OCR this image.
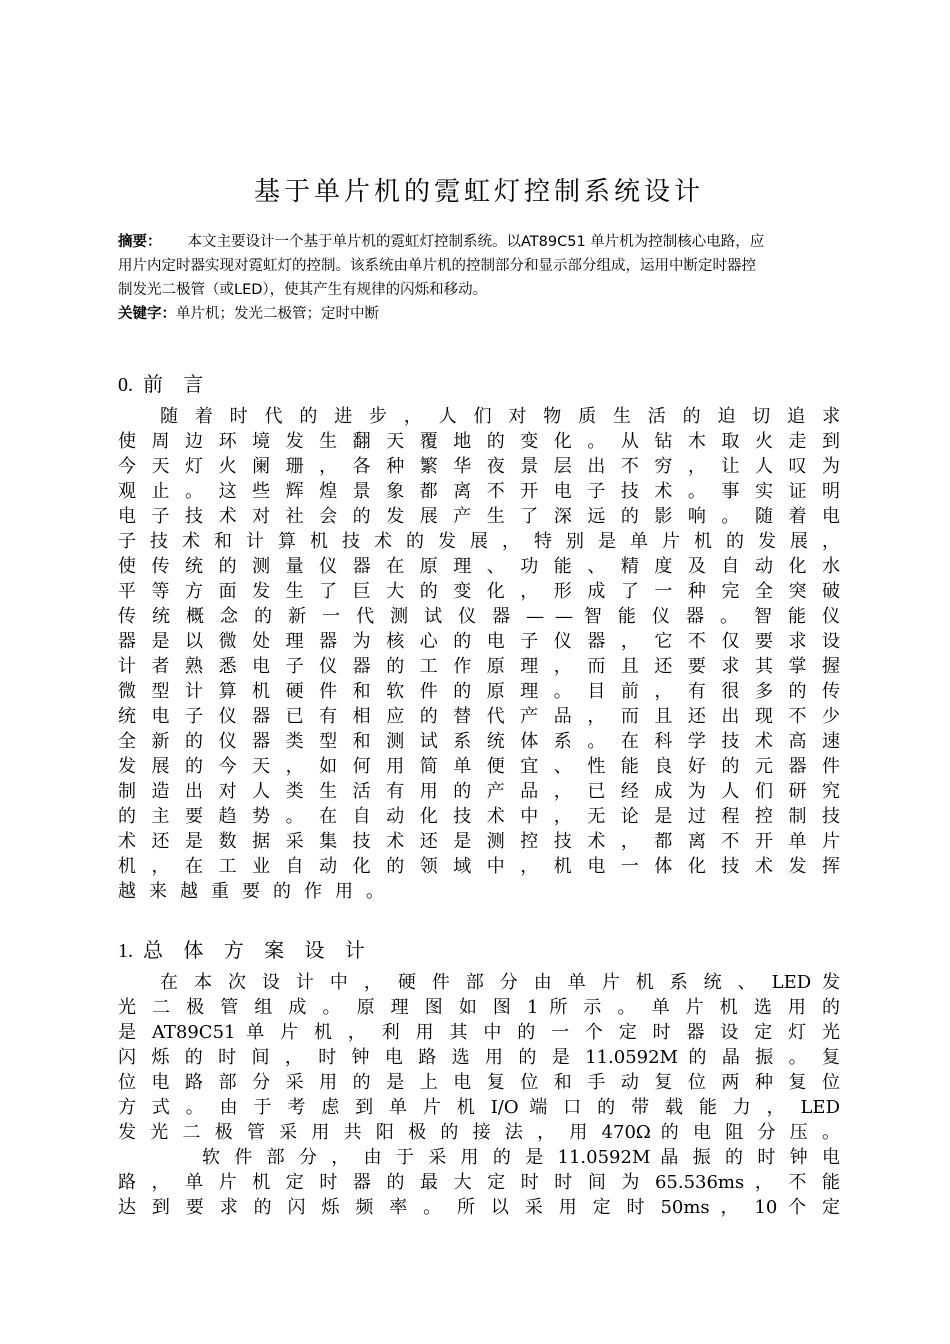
基于单片机的霓虹灯控制系统设计
摘要： 本文主要设计一个基于单片机的霓虹灯控制系统。以AT89C51 单片机为控制核心电路，应
用片内定时器实现对霓虹灯的控制。该系统由单片机的控制部分和显示部分组成，运用中断定时器控
制发光二极管（或LED），使其产生有规律的闪烁和移动。
关键字：单片机；发光二极管；定时中断
0. 前 言
随 着 时 代 的 进 步 ， 人 们 对 物 质 生 活 的 迫 切 追 求
使 周 边 环 境 发 生 翻 天 覆 地 的 变 化 。 从 钻 木 取 火 走 到
今 天 灯 火 阑 珊 ， 各 种 繁 华 夜 景 层 出 不 穷 ， 让 人 叹 为
观 止 。 这 些 辉 煌 景 象 都 离 不 开 电 子 技 术 。 事 实 证 明
电 子 技 术 对 社 会 的 发 展 产 生 了 深 远 的 影 响 。 随 着 电
子 技 术 和 计 算 机 技 术 的 发 展 ， 特 别 是 单 片 机 的 发 展 ，
使 传 统 的 测 量 仪 器 在 原 理 、 功 能 、 精 度 及 自 动 化 水
平 等 方 面 发 生 了 巨 大 的 变 化 ， 形 成 了 一 种 完 全 突 破
传 统 概 念 的 新 一 代 测 试 仪 器 — — 智 能 仪 器 。 智 能 仪
器 是 以 微 处 理 器 为 核 心 的 电 子 仪 器 ， 它 不 仅 要 求 设
计 者 熟 悉 电 子 仪 器 的 工 作 原 理 ， 而 且 还 要 求 其 掌 握
微 型 计 算 机 硬 件 和 软 件 的 原 理 。 目 前 ， 有 很 多 的 传
统 电 子 仪 器 已 有 相 应 的 替 代 产 品 ， 而 且 还 出 现 不 少
全 新 的 仪 器 类 型 和 测 试 系 统 体 系 。 在 科 学 技 术 高 速
发 展 的 今 天 ， 如 何 用 简 单 便 宜 、 性 能 良 好 的 元 器 件
制 造 出 对 人 类 生 活 有 用 的 产 品 ， 已 经 成 为 人 们 研 究
的 主 要 趋 势 。 在 自 动 化 技 术 中 ， 无 论 是 过 程 控 制 技
术 还 是 数 据 采 集 技 术 还 是 测 控 技 术 ， 都 离 不 开 单 片
机 ， 在 工 业 自 动 化 的 领 域 中 ， 机 电 一 体 化 技 术 发 挥
越来越重要的作用。
1. 总 体 方 案 设 计
在 本 次 设 计 中 ， 硬 件 部 分 由 单 片 机 系 统 、 LED 发
光 二 极 管 组 成 。 原 理 图 如 图 1 所 示 。 单 片 机 选 用 的
是 AT89C51 单 片 机 ， 利 用 其 中 的 一 个 定 时 器 设 定 灯 光
闪 烁 的 时 间 ， 时 钟 电 路 选 用 的 是 11.0592M 的 晶 振 。 复
位 电 路 部 分 采 用 的 是 上 电 复 位 和 手 动 复 位 两 种 复 位
方 式 。 由 于 考 虑 到 单 片 机 I/O 端 口 的 带 载 能 力 ， LED
发 光 二 极 管 采 用 共 阳 极 的 接 法 ， 用 470Ω 的 电 阻 分 压 。
软 件 部 分 ， 由 于 采 用 的 是 11.0592M 晶 振 的 时 钟 电
路 ， 单 片 机 定 时 器 的 最 大 定 时 时 间 为 65.536ms ， 不 能
达 到 要 求 的 闪 烁 频 率 。 所 以 采 用 定 时 50ms ， 10 个 定
